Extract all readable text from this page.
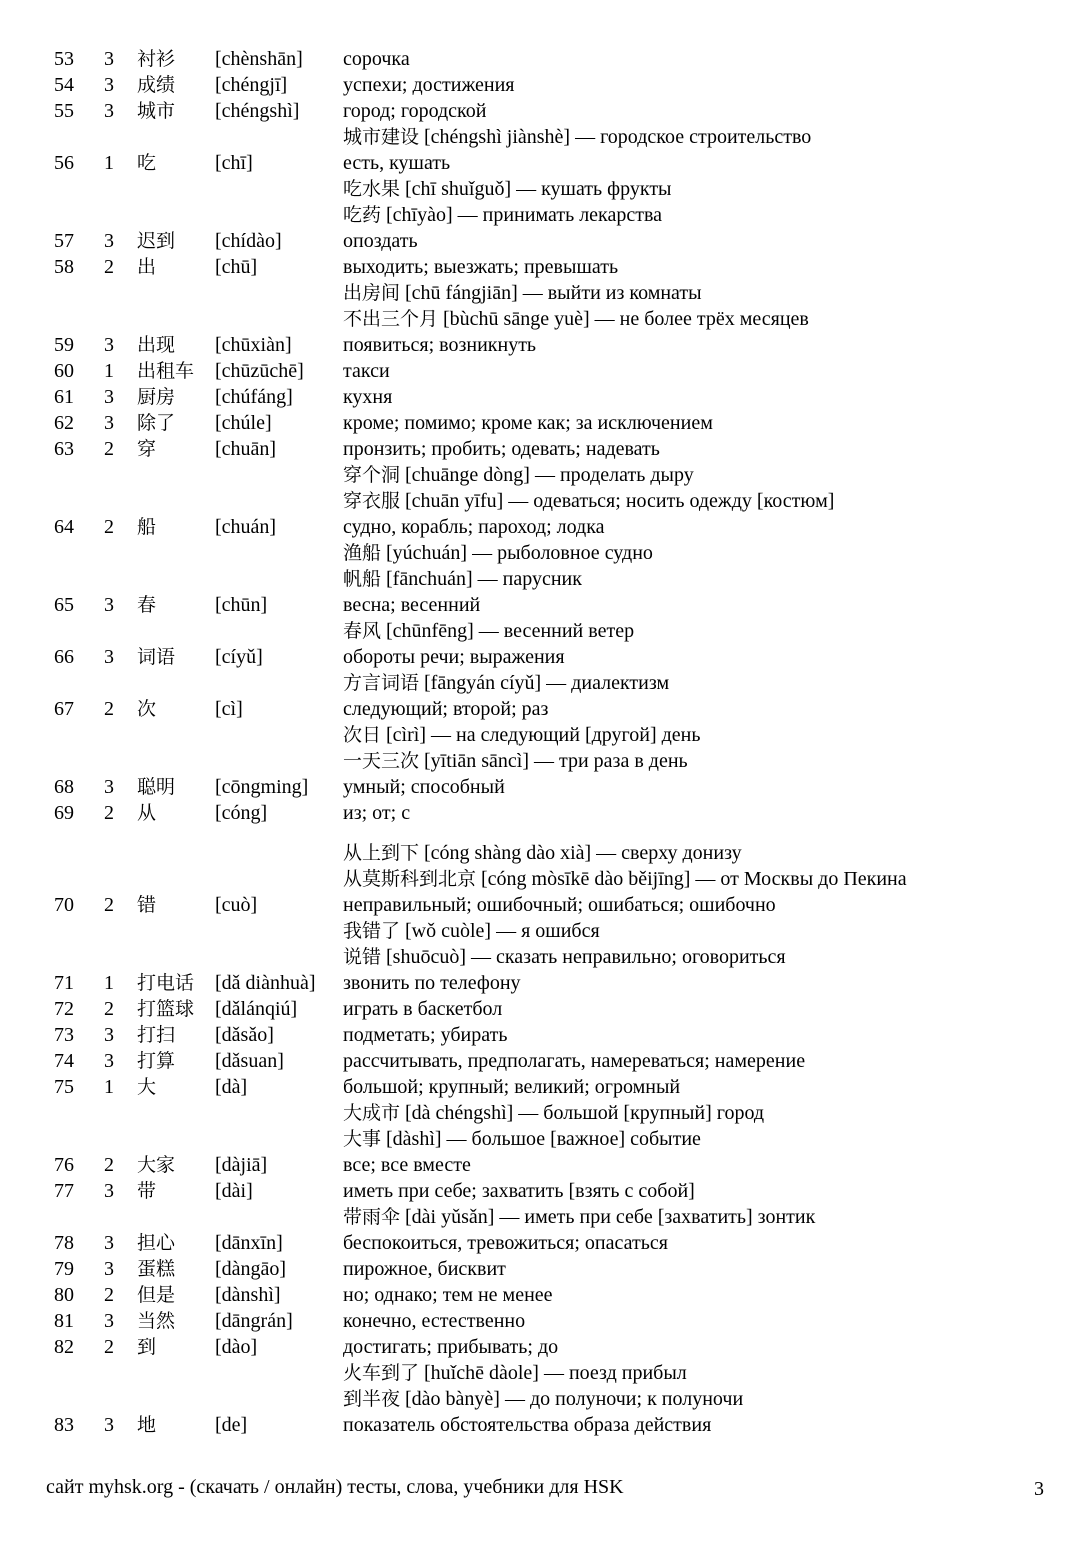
53 3 衬衫 [chènshān] сорочка
54 3 成绩 [chéngjī]	успехи; достижения
55 3 城市 [chéngshì] город; городской
城市建设 [chéngshì jiànshè] — городское строительство
56 1 吃	[chī]	есть, кушать
吃水果 [chī shuǐguǒ] — кушать фрукты
吃药 [chīyào] — принимать лекарства
57 3 迟到 [chídào]	опоздать
58 2 出	[chū]	выходить; выезжать; превышать
出房间 [chū fángjiān] — выйти из комнаты
不出三个月 [bùchū sānge yuè] — не более трёх месяцев
59 3 出现 [chūxiàn]	появиться; возникнуть
60 1 出租车 [chūzūchē] такси
61 3 厨房 [chúfáng]	кухня
62 3 除了 [chúle]	кроме; помимо; кроме как; за исключением
63 2 穿	[chuān]	пронзить; пробить; одевать; надевать
穿个洞 [chuānge dòng] — проделать дыру
穿衣服 [chuān yīfu] — одеваться; носить одежду [костюм]
64 2 船	[chuán]	судно, корабль; пароход; лодка
渔船 [yúchuán] — рыболовное судно
帆船 [fānchuán] — парусник
65 3 春	[chūn]	весна; весенний
春风 [chūnfēng] — весенний ветер
66 3 词语 [cíyǔ]	обороты речи; выражения
方言词语 [fāngyán cíyǔ] — диалектизм
67 2 次	[cì]	следующий; второй; раз
次日 [cìrì] — на следующий [другой] день
一天三次 [yītiān sāncì] — три раза в день
68 3 聪明 [cōngming] умный; способный
69 2 从	[cóng]	из; от; с
从上到下 [cóng shàng dào xià] — сверху донизу
从莫斯科到北京 [cóng mòsīkē dào běijīng] — от Москвы до Пекина
70 2 错	[cuò]	неправильный; ошибочный; ошибаться; ошибочно
我错了 [wǒ cuòle] — я ошибся
说错 [shuōcuò] — сказать неправильно; оговориться
71 1 打电话 [dǎ diànhuà] звонить по телефону
72 2 打篮球 [dǎlánqiú] играть в баскетбол
73 3 打扫 [dǎsǎo]	подметать; убирать
74 3 打算 [dǎsuan]	рассчитывать, предполагать, намереваться; намерение
75 1 大	[dà]	большой; крупный; великий; огромный
大成市 [dà chéngshì] — большой [крупный] город
大事 [dàshì] — большое [важное] событие
76 2 大家 [dàjiā]	все; все вместе
77 3 带	[dài]	иметь при себе; захватить [взять с собой]
带雨伞 [dài yǔsǎn] — иметь при себе [захватить] зонтик
78 3 担心 [dānxīn]	беспокоиться, тревожиться; опасаться
79 3 蛋糕 [dàngāo]	пирожное, бисквит
80 2 但是 [dànshì]	но; однако; тем не менее
81 3 当然 [dāngrán]	конечно, естественно
82 2 到	[dào]	достигать; прибывать; до
火车到了 [huǐchē dàole] — поезд прибыл
到半夜 [dào bànyè] — до полуночи; к полуночи
83 3 地	[de]	показатель обстоятельства образа действия
сайт myhsk.org - (скачать / онлайн) тесты, слова, учебники для HSK	3
